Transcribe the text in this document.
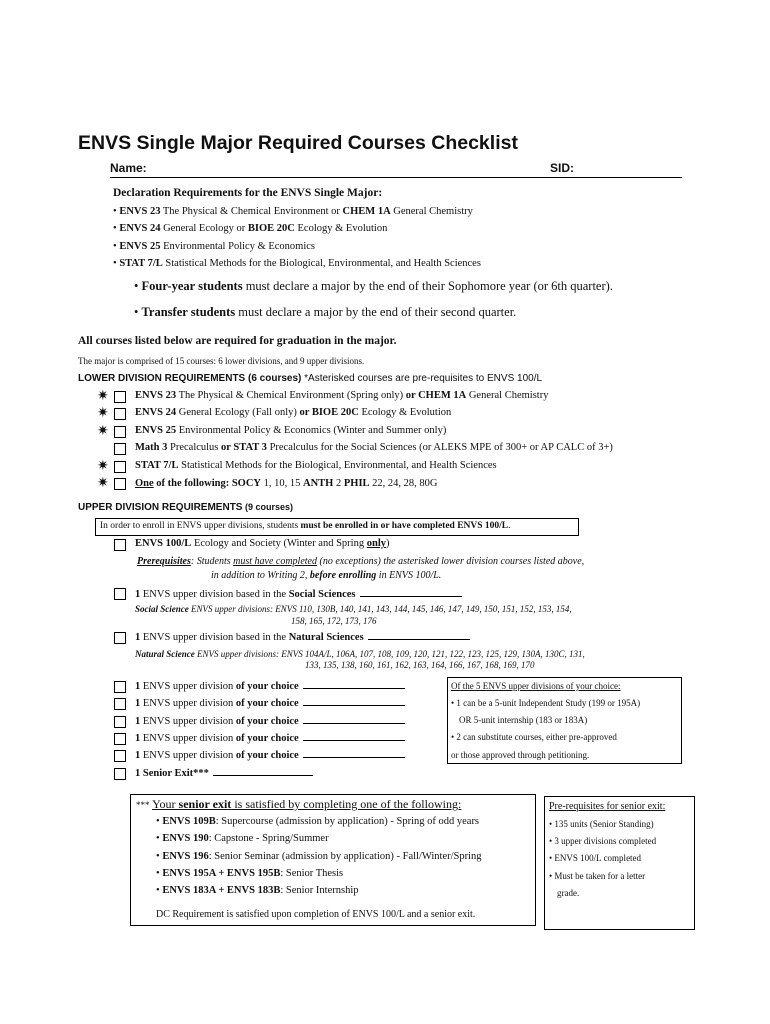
ENVS Single Major Required Courses Checklist
Name:	SID:
Declaration Requirements for the ENVS Single Major:
• ENVS 23 The Physical & Chemical Environment or CHEM 1A General Chemistry
• ENVS 24 General Ecology or BIOE 20C Ecology & Evolution
• ENVS 25 Environmental Policy & Economics
• STAT 7/L Statistical Methods for the Biological, Environmental, and Health Sciences
• Four-year students must declare a major by the end of their Sophomore year (or 6th quarter).
• Transfer students must declare a major by the end of their second quarter.
All courses listed below are required for graduation in the major.
The major is comprised of 15 courses: 6 lower divisions, and 9 upper divisions.
LOWER DIVISION REQUIREMENTS (6 courses) *Asterisked courses are pre-requisites to ENVS 100/L
✷	ENVS 23 The Physical & Chemical Environment (Spring only) or CHEM 1A General Chemistry
✷	ENVS 24 General Ecology (Fall only) or BIOE 20C Ecology & Evolution
✷	ENVS 25 Environmental Policy & Economics (Winter and Summer only)
Math 3 Precalculus or STAT 3 Precalculus for the Social Sciences (or ALEKS MPE of 300+ or AP CALC of 3+)
✷	STAT 7/L Statistical Methods for the Biological, Environmental, and Health Sciences
✷	One of the following: SOCY 1, 10, 15 ANTH 2 PHIL 22, 24, 28, 80G
UPPER DIVISION REQUIREMENTS (9 courses)
In order to enroll in ENVS upper divisions, students must be enrolled in or have completed ENVS 100/L.
ENVS 100/L Ecology and Society (Winter and Spring only)
Prerequisites: Students must have completed (no exceptions) the asterisked lower division courses listed above,
in addition to Writing 2, before enrolling in ENVS 100/L.
1 ENVS upper division based in the Social Sciences
Social Science ENVS upper divisions: ENVS 110, 130B, 140, 141, 143, 144, 145, 146, 147, 149, 150, 151, 152, 153, 154,
158, 165, 172, 173, 176
1 ENVS upper division based in the Natural Sciences
Natural Science ENVS upper divisions: ENVS 104A/L, 106A, 107, 108, 109, 120, 121, 122, 123, 125, 129, 130A, 130C, 131,
133, 135, 138, 160, 161, 162, 163, 164, 166, 167, 168, 169, 170
1 ENVS upper division of your choice
1 ENVS upper division of your choice
1 ENVS upper division of your choice
1 ENVS upper division of your choice
1 ENVS upper division of your choice
Of the 5 ENVS upper divisions of your choice:
• 1 can be a 5-unit Independent Study (199 or 195A)
OR 5-unit internship (183 or 183A)
• 2 can substitute courses, either pre-approved
or those approved through petitioning.
1 Senior Exit***
*** Your senior exit is satisfied by completing one of the following:
• ENVS 109B: Supercourse (admission by application) - Spring of odd years
• ENVS 190: Capstone - Spring/Summer
• ENVS 196: Senior Seminar (admission by application) - Fall/Winter/Spring
• ENVS 195A + ENVS 195B: Senior Thesis
• ENVS 183A + ENVS 183B: Senior Internship
DC Requirement is satisfied upon completion of ENVS 100/L and a senior exit.
Pre-requisites for senior exit:
• 135 units (Senior Standing)
• 3 upper divisions completed
• ENVS 100/L completed
• Must be taken for a letter
grade.
